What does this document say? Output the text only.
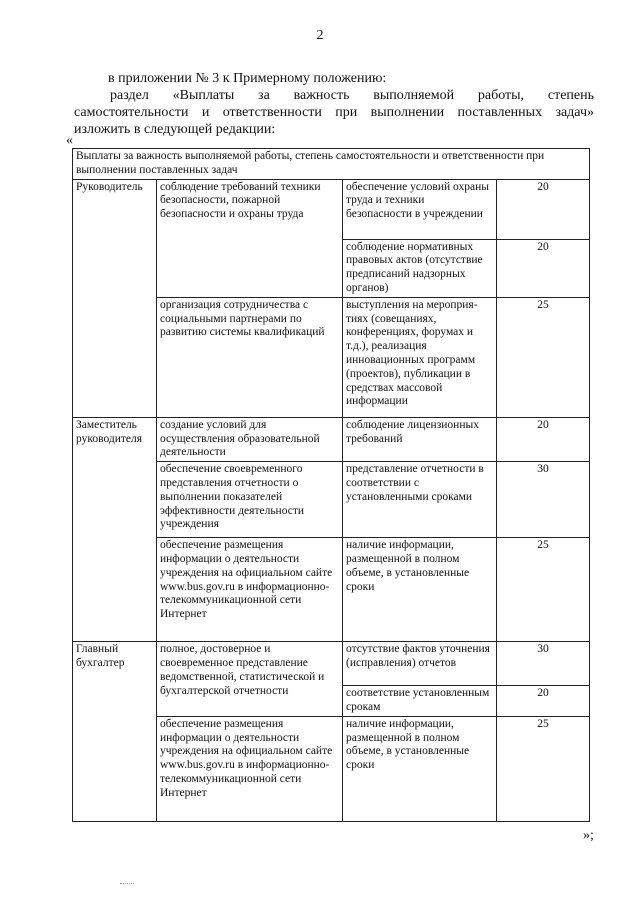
2
в приложении № 3 к Примерному положению:
раздел «Выплаты за важность выполняемой работы, степень
самостоятельности и ответственности при выполнении поставленных задач»
изложить в следующей редакции:
«
Выплаты за важность выполняемой работы, степень самостоятельности и ответственности при выполнении поставленных задач			
Руководитель	соблюдение требований техники безопасности, пожарной безопасности и охраны труда	обеспечение условий охраны труда и техники безопасности в учреждении	20
		соблюдение нормативных правовых актов (отсутствие предписаний надзорных органов)	20
	организация сотрудничества с социальными партнерами по развитию системы квалификаций	выступления на мероприя-тиях (совещаниях, конференциях, форумах и т.д.), реализация инновационных программ (проектов), публикации в средствах массовой информации	25
Заместитель руководителя	создание условий для осуществления образовательной деятельности	соблюдение лицензионных требований	20
	обеспечение своевременного представления отчетности о выполнении показателей эффективности деятельности учреждения	представление отчетности в соответствии с установленными сроками	30
	обеспечение размещения информации о деятельности учреждения на официальном сайте www.bus.gov.ru в информационно-телекоммуникационной сети Интернет	наличие информации, размещенной в полном объеме, в установленные сроки	25
Главный бухгалтер	полное, достоверное и своевременное представление ведомственной, статистической и бухгалтерской отчетности	отсутствие фактов уточнения (исправления) отчетов	30
		соответствие установленным срокам	20
	обеспечение размещения информации о деятельности учреждения на официальном сайте www.bus.gov.ru в информационно-телекоммуникационной сети Интернет	наличие информации, размещенной в полном объеме, в установленные сроки	25
»;
